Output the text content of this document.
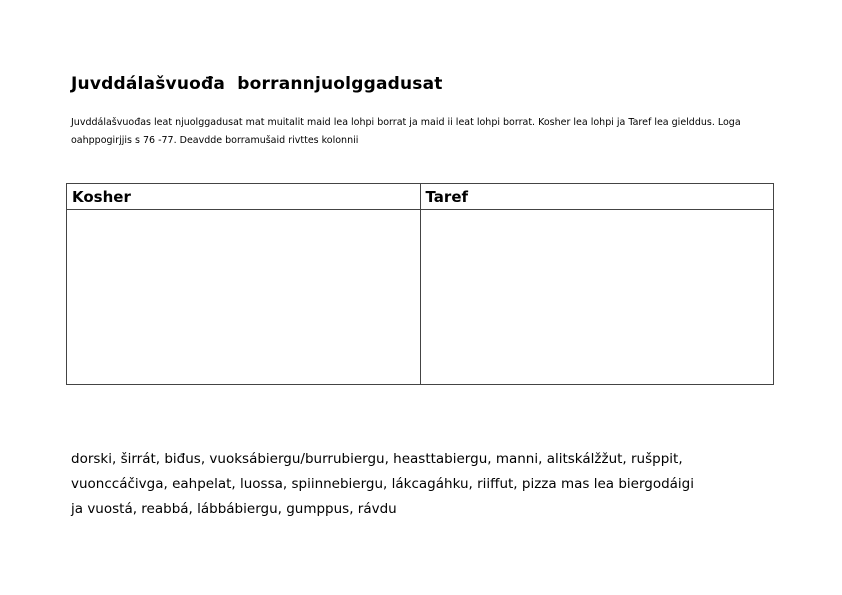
Juvddálašvuođa  borrannjuolggadusat
Juvddálašvuođas leat njuolggadusat mat muitalit maid lea lohpi borrat ja maid ii leat lohpi borrat. Kosher lea lohpi ja Taref lea gielddus. Loga oahppogirjjis s 76 -77. Deavdde borramušaid rivttes kolonnii
Kosher	Taref

dorski, širrát, biđus, vuoksábiergu/burrubiergu, heasttabiergu, manni, alitskálžžut, rušppit,
vuonccáčivga, eahpelat, luossa, spiinnebiergu, lákcagáhku, riiffut, pizza mas lea biergodáigi
ja vuostá, reabbá, lábbábiergu, gumppus, rávdu
